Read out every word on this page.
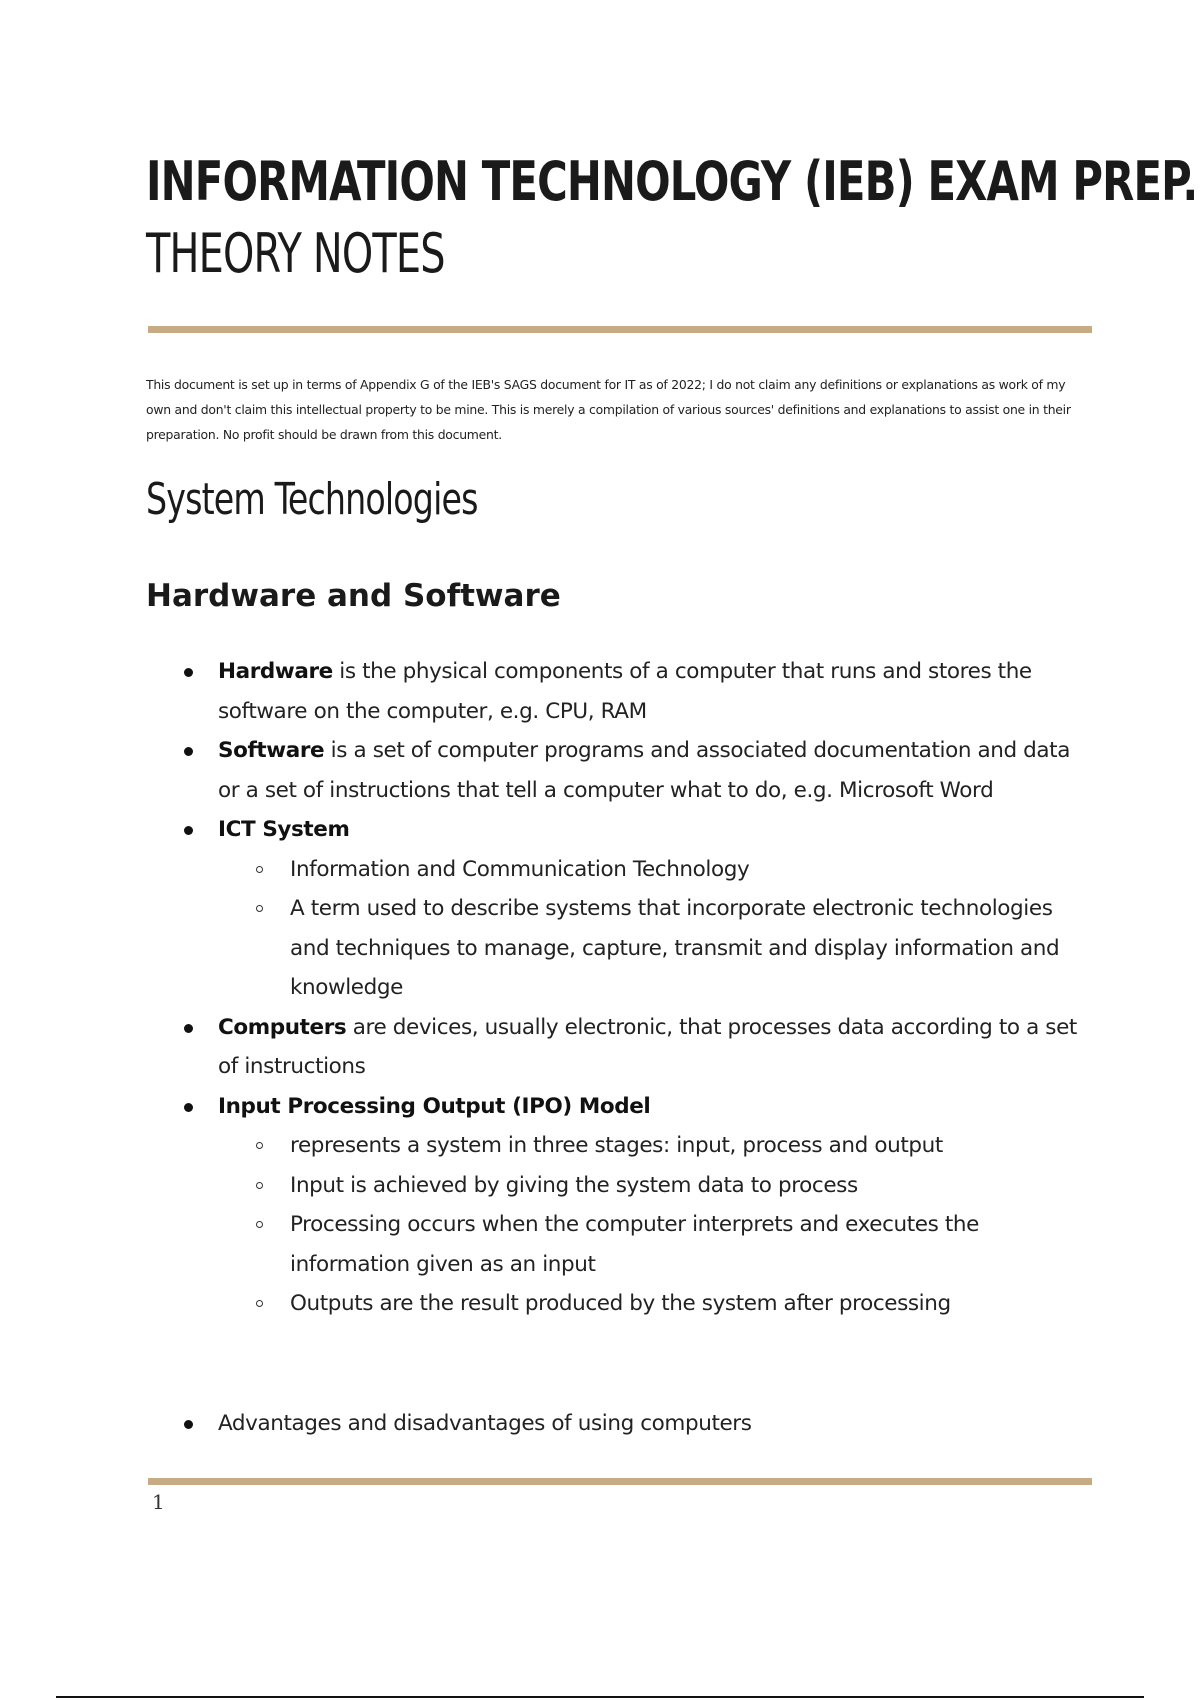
INFORMATION TECHNOLOGY (IEB) EXAM PREP.
THEORY NOTES
This document is set up in terms of Appendix G of the IEB's SAGS document for IT as of 2022; I do not claim any definitions or explanations as work of my own and don't claim this intellectual property to be mine. This is merely a compilation of various sources' definitions and explanations to assist one in their preparation. No profit should be drawn from this document.
System Technologies
Hardware and Software
Hardware is the physical components of a computer that runs and stores the software on the computer, e.g. CPU, RAM
Software is a set of computer programs and associated documentation and data or a set of instructions that tell a computer what to do, e.g. Microsoft Word
ICT System
Information and Communication Technology
A term used to describe systems that incorporate electronic technologies and techniques to manage, capture, transmit and display information and knowledge
Computers are devices, usually electronic, that processes data according to a set of instructions
Input Processing Output (IPO) Model
represents a system in three stages: input, process and output
Input is achieved by giving the system data to process
Processing occurs when the computer interprets and executes the information given as an input
Outputs are the result produced by the system after processing
Advantages and disadvantages of using computers
1
